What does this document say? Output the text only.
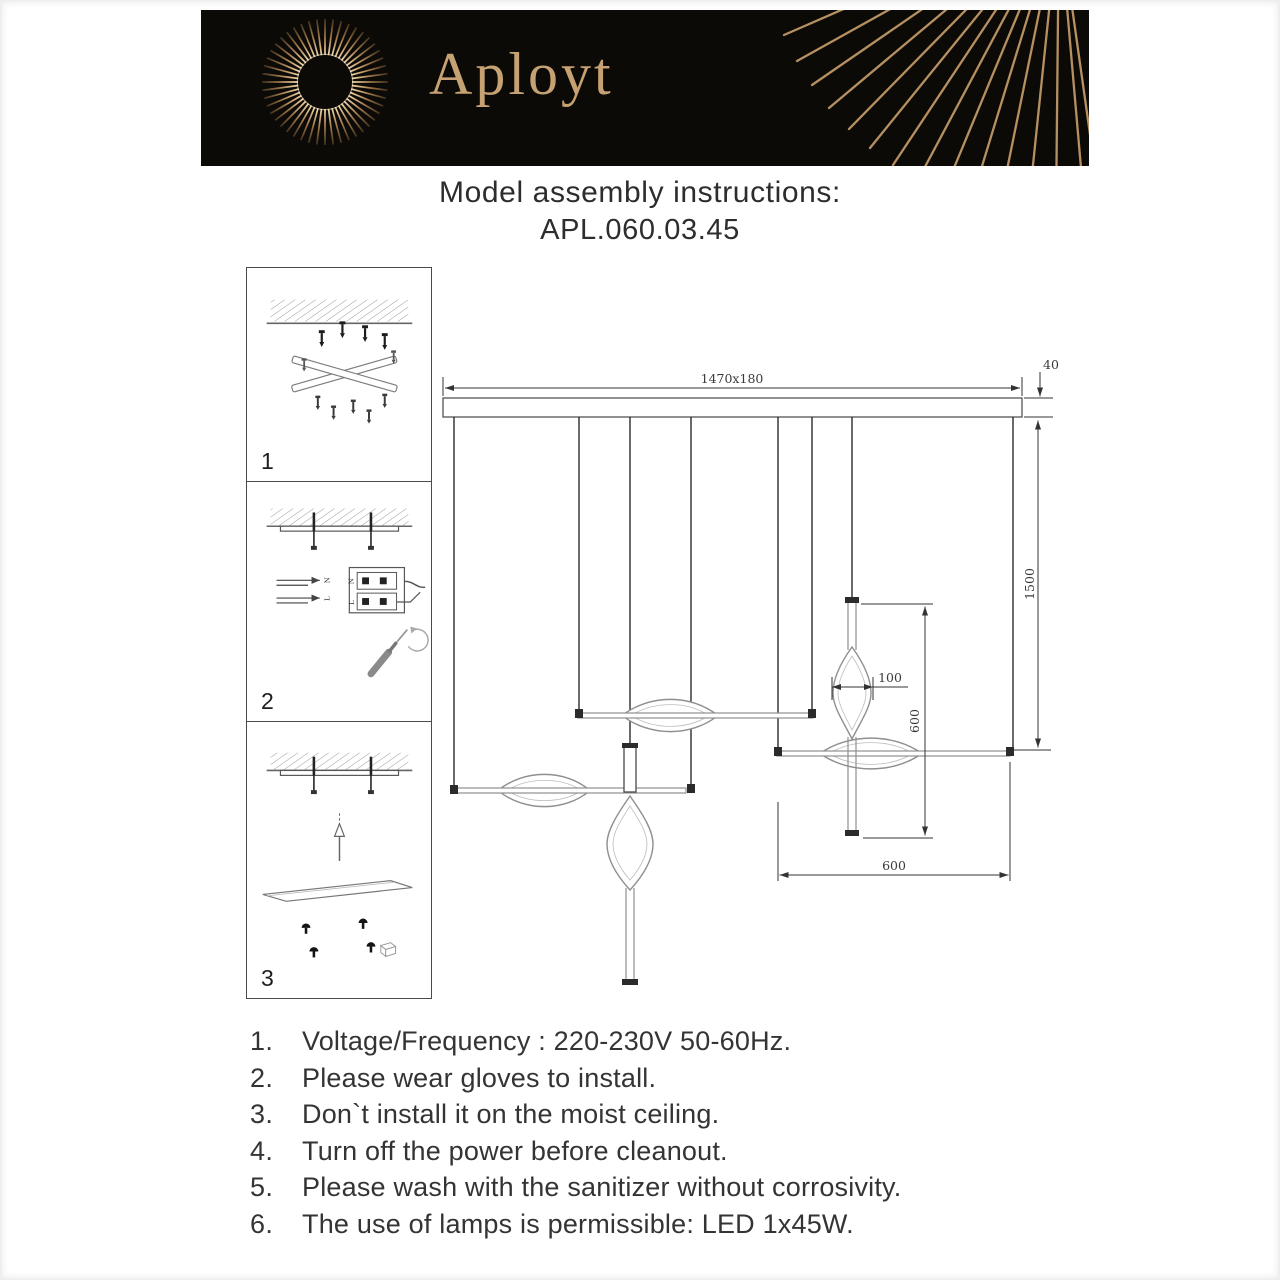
Aployt
Model assembly instructions:
APL.060.03.45
1
N
L
N
L
2
3
1470x180
40
1500
100
600
600
1.	Voltage/Frequency : 220-230V 50-60Hz.
2.	Please wear gloves to install.
3.	Don`t install it on the moist ceiling.
4.	Turn off the power before cleanout.
5.	Please wash with the sanitizer without corrosivity.
6.	The use of lamps is permissible: LED 1x45W.
